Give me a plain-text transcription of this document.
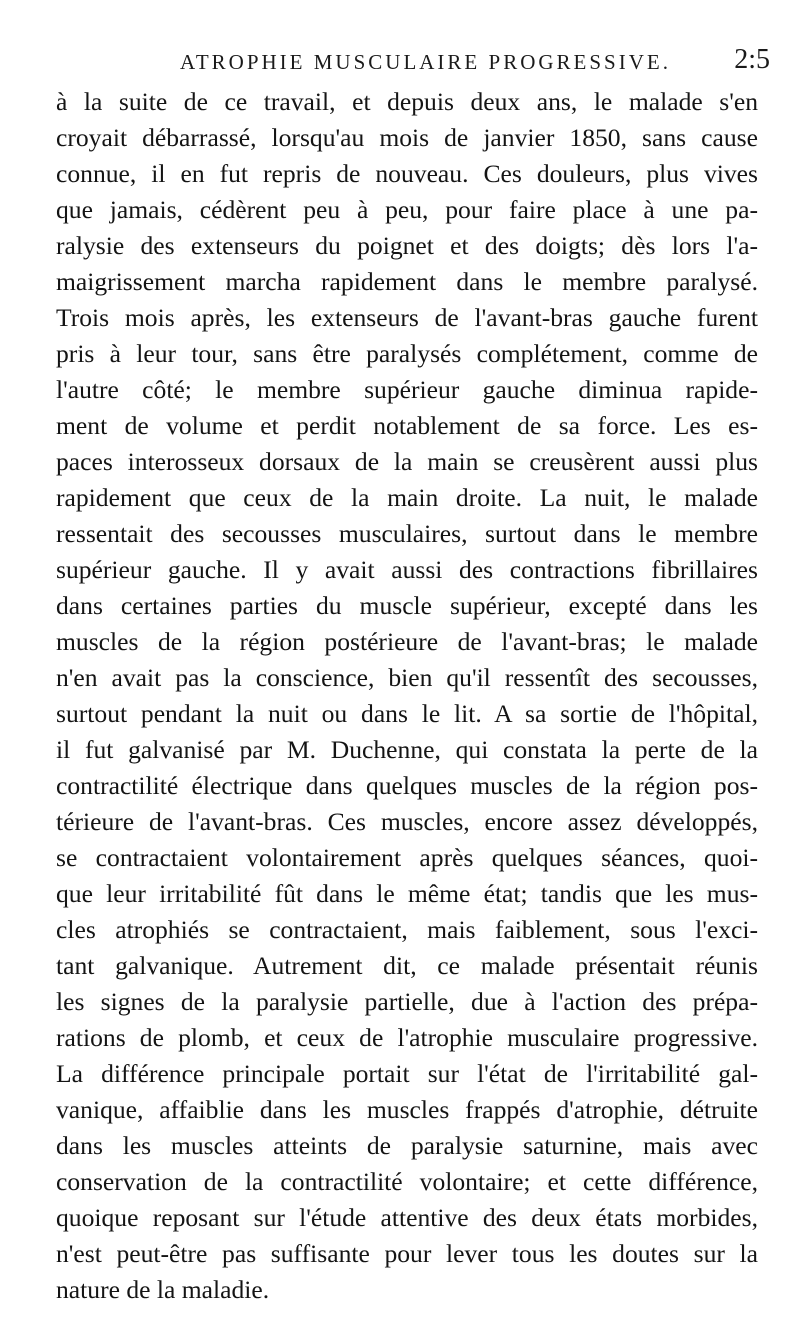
ATROPHIE MUSCULAIRE PROGRESSIVE.	2:5
à la suite de ce travail, et depuis deux ans, le malade s'en
croyait débarrassé, lorsqu'au mois de janvier 1850, sans cause
connue, il en fut repris de nouveau. Ces douleurs, plus vives
que jamais, cédèrent peu à peu, pour faire place à une pa-
ralysie des extenseurs du poignet et des doigts; dès lors l'a-
maigrissement marcha rapidement dans le membre paralysé.
Trois mois après, les extenseurs de l'avant-bras gauche furent
pris à leur tour, sans être paralysés complétement, comme de
l'autre côté; le membre supérieur gauche diminua rapide-
ment de volume et perdit notablement de sa force. Les es-
paces interosseux dorsaux de la main se creusèrent aussi plus
rapidement que ceux de la main droite. La nuit, le malade
ressentait des secousses musculaires, surtout dans le membre
supérieur gauche. Il y avait aussi des contractions fibrillaires
dans certaines parties du muscle supérieur, excepté dans les
muscles de la région postérieure de l'avant-bras; le malade
n'en avait pas la conscience, bien qu'il ressentît des secousses,
surtout pendant la nuit ou dans le lit. A sa sortie de l'hôpital,
il fut galvanisé par M. Duchenne, qui constata la perte de la
contractilité électrique dans quelques muscles de la région pos-
térieure de l'avant-bras. Ces muscles, encore assez développés,
se contractaient volontairement après quelques séances, quoi-
que leur irritabilité fût dans le même état; tandis que les mus-
cles atrophiés se contractaient, mais faiblement, sous l'exci-
tant galvanique. Autrement dit, ce malade présentait réunis
les signes de la paralysie partielle, due à l'action des prépa-
rations de plomb, et ceux de l'atrophie musculaire progressive.
La différence principale portait sur l'état de l'irritabilité gal-
vanique, affaiblie dans les muscles frappés d'atrophie, détruite
dans les muscles atteints de paralysie saturnine, mais avec
conservation de la contractilité volontaire; et cette différence,
quoique reposant sur l'étude attentive des deux états morbides,
n'est peut-être pas suffisante pour lever tous les doutes sur la
nature de la maladie.
